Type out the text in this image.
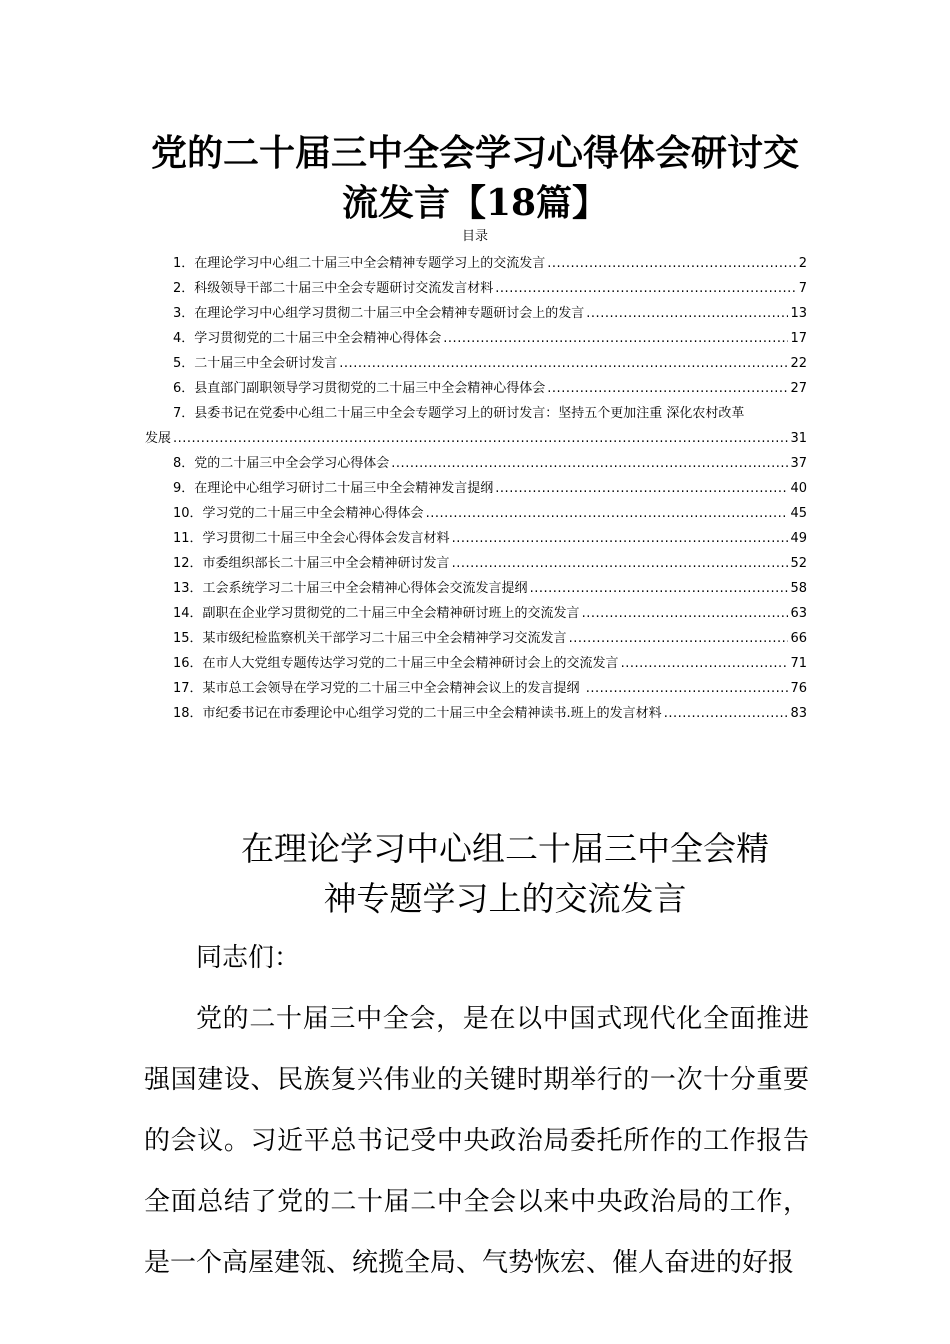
党的二十届三中全会学习心得体会研讨交
流发言【18篇】
目录
1．在理论学习中心组二十届三中全会精神专题学习上的交流发言 .....	2
2．科级领导干部二十届三中全会专题研讨交流发言材料 .....	7
3．在理论学习中心组学习贯彻二十届三中全会精神专题研讨会上的发言 .....	13
4．学习贯彻党的二十届三中全会精神心得体会 .....	17
5．二十届三中全会研讨发言 .....	22
6．县直部门副职领导学习贯彻党的二十届三中全会精神心得体会 .....	27
7．县委书记在党委中心组二十届三中全会专题学习上的研讨发言：坚持五个更加注重 深化农村改革
发展 .....	31
8．党的二十届三中全会学习心得体会 .....	37
9．在理论中心组学习研讨二十届三中全会精神发言提纲 .....	40
10．学习党的二十届三中全会精神心得体会 .....	45
11．学习贯彻二十届三中全会心得体会发言材料 .....	49
12．市委组织部长二十届三中全会精神研讨发言 .....	52
13．工会系统学习二十届三中全会精神心得体会交流发言提纲 .....	58
14．副职在企业学习贯彻党的二十届三中全会精神研讨班上的交流发言 .....	63
15．某市级纪检监察机关干部学习二十届三中全会精神学习交流发言 .....	66
16．在市人大党组专题传达学习党的二十届三中全会精神研讨会上的交流发言 .....	71
17．某市总工会领导在学习党的二十届三中全会精神会议上的发言提纲 .....	76
18．市纪委书记在市委理论中心组学习党的二十届三中全会精神读书.班上的发言材料 .....	83
在理论学习中心组二十届三中全会精
神专题学习上的交流发言

同志们：

党的二十届三中全会，是在以中国式现代化全面推进强国建设、民族复兴伟业的关键时期举行的一次十分重要的会议。习近平总书记受中央政治局委托所作的工作报告全面总结了党的二十届二中全会以来中央政治局的工作，是一个高屋建瓴、统揽全局、气势恢宏、催人奋进的好报
